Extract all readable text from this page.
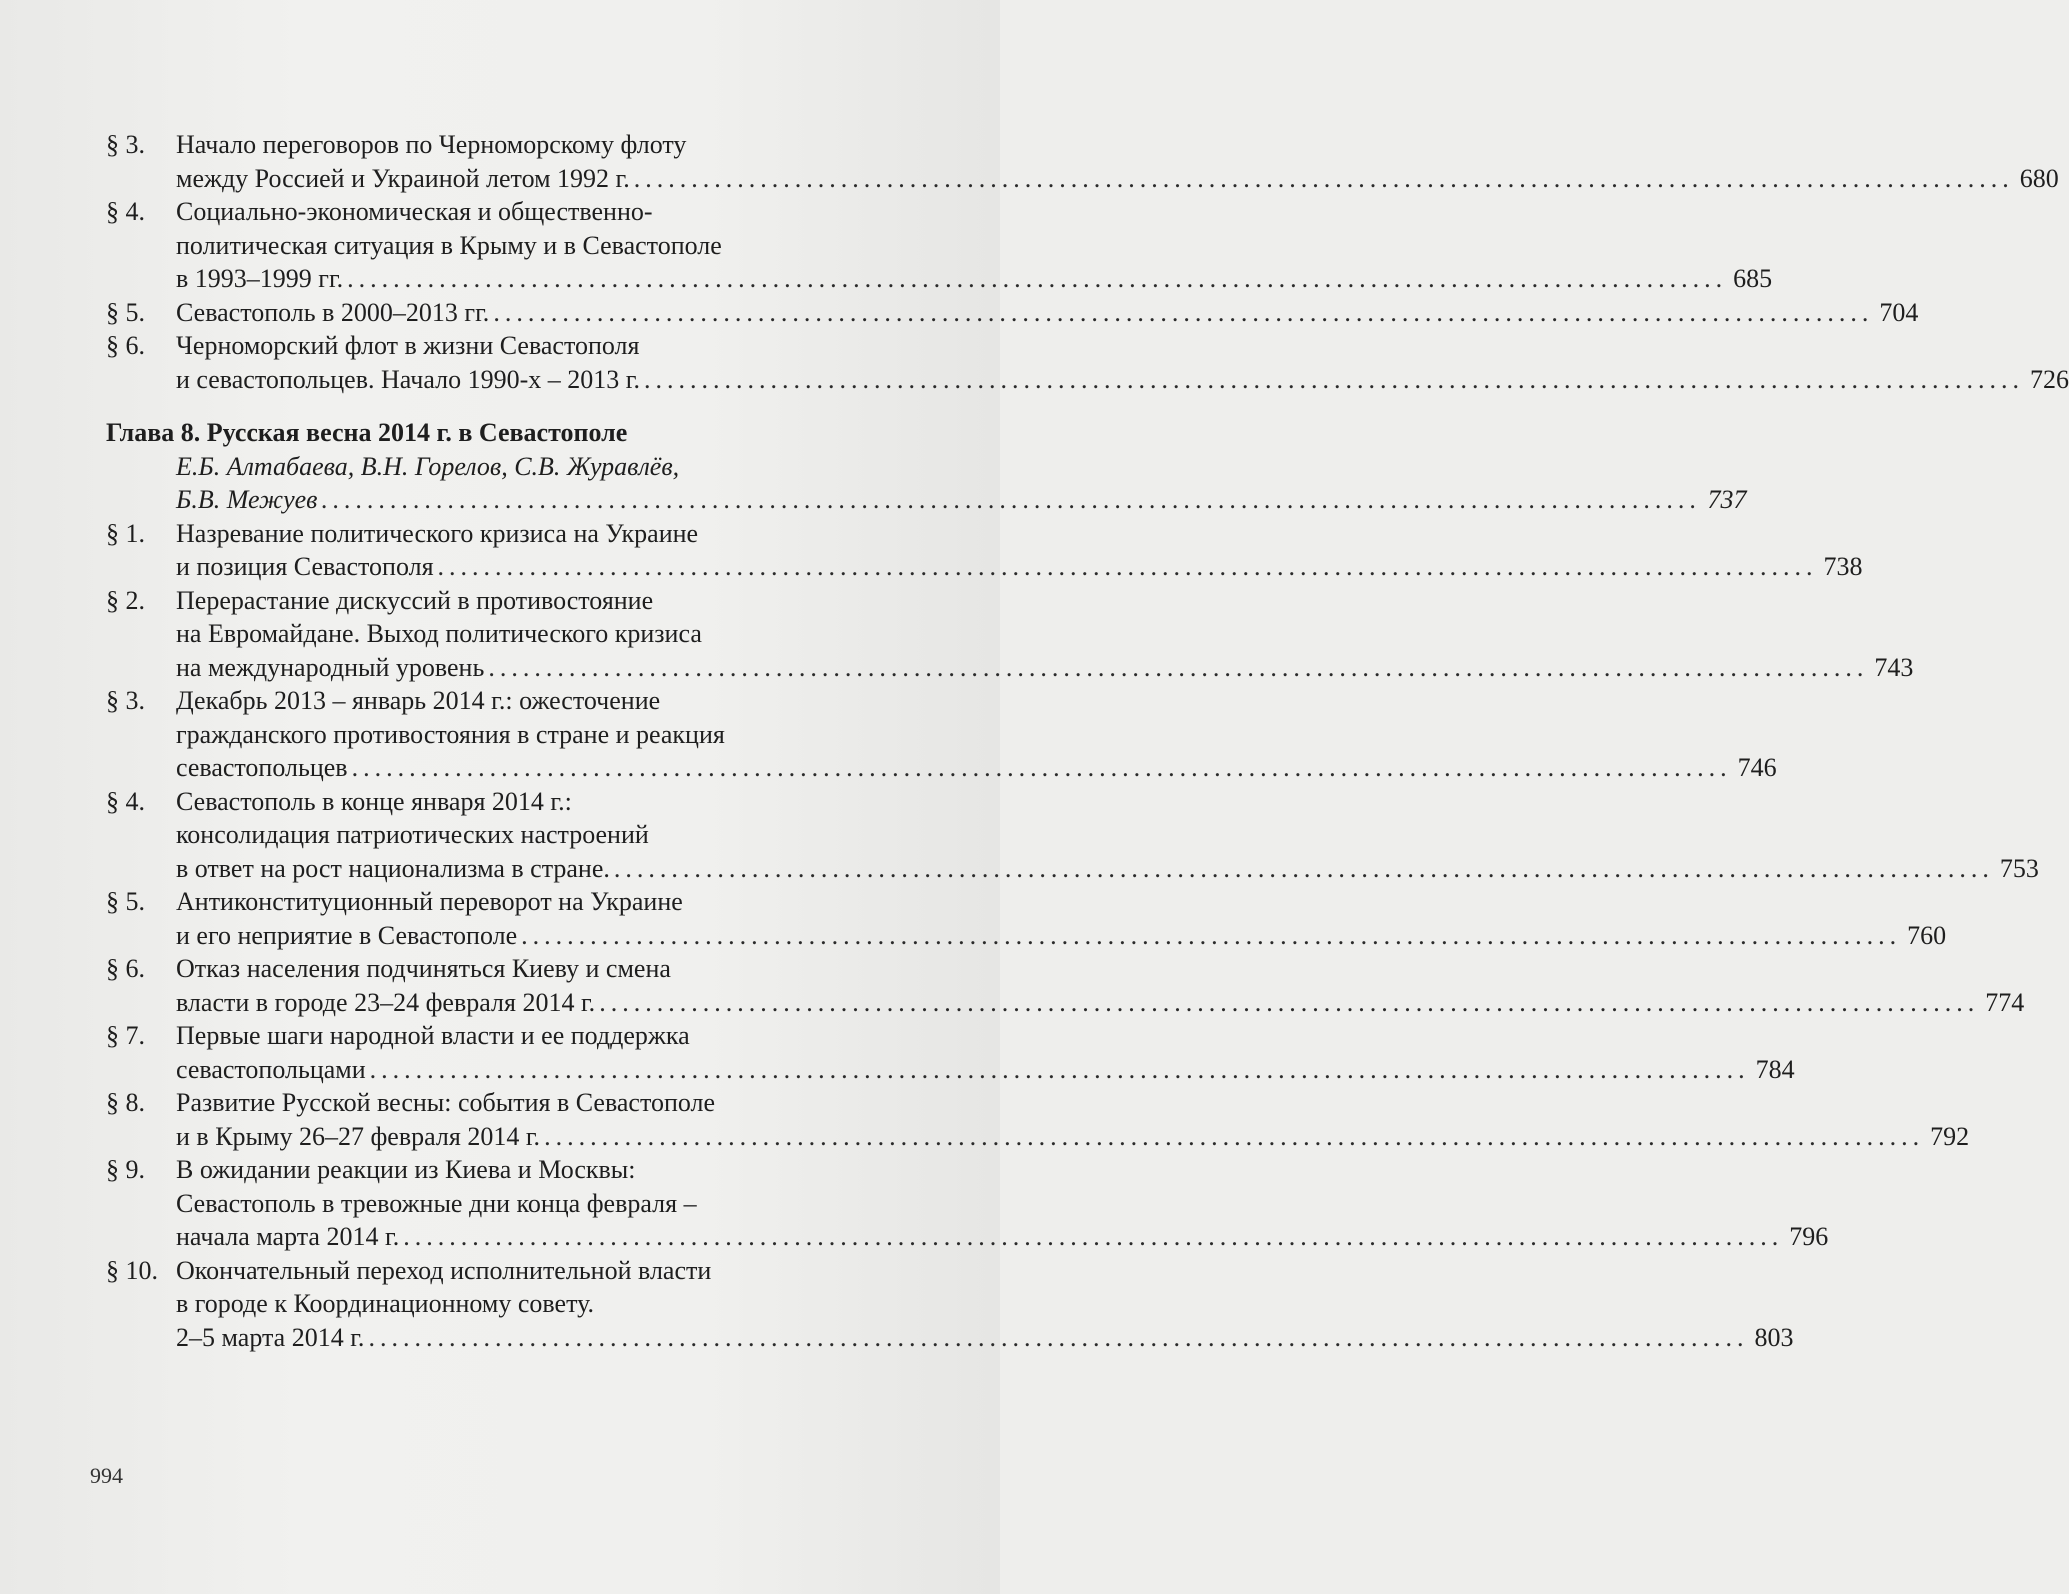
§ 3. Начало переговоров по Черноморскому флоту
между Россией и Украиной летом 1992 г. ........................................................................................................................ 680
§ 4. Социально-экономическая и общественно-
политическая ситуация в Крыму и в Севастополе
в 1993–1999 гг. ........................................................................................................................ 685
§ 5. Севастополь в 2000–2013 гг. ........................................................................................................................ 704
§ 6. Черноморский флот в жизни Севастополя
и севастопольцев. Начало 1990-х – 2013 г. ........................................................................................................................ 726
Глава 8. Русская весна 2014 г. в Севастополе
Е.Б. Алтабаева, В.Н. Горелов, С.В. Журавлёв,
Б.В. Межуев ........................................................................................................................ 737
§ 1. Назревание политического кризиса на Украине
и позиция Севастополя ........................................................................................................................ 738
§ 2. Перерастание дискуссий в противостояние
на Евромайдане. Выход политического кризиса
на международный уровень ........................................................................................................................ 743
§ 3. Декабрь 2013 – январь 2014 г.: ожесточение
гражданского противостояния в стране и реакция
севастопольцев ........................................................................................................................ 746
§ 4. Севастополь в конце января 2014 г.:
консолидация патриотических настроений
в ответ на рост национализма в стране. ........................................................................................................................ 753
§ 5. Антиконституционный переворот на Украине
и его неприятие в Севастополе ........................................................................................................................ 760
§ 6. Отказ населения подчиняться Киеву и смена
власти в городе 23–24 февраля 2014 г. ........................................................................................................................ 774
§ 7. Первые шаги народной власти и ее поддержка
севастопольцами ........................................................................................................................ 784
§ 8. Развитие Русской весны: события в Севастополе
и в Крыму 26–27 февраля 2014 г. ........................................................................................................................ 792
§ 9. В ожидании реакции из Киева и Москвы:
Севастополь в тревожные дни конца февраля –
начала марта 2014 г. ........................................................................................................................ 796
§ 10. Окончательный переход исполнительной власти
в городе к Координационному совету.
2–5 марта 2014 г. ........................................................................................................................ 803
994
